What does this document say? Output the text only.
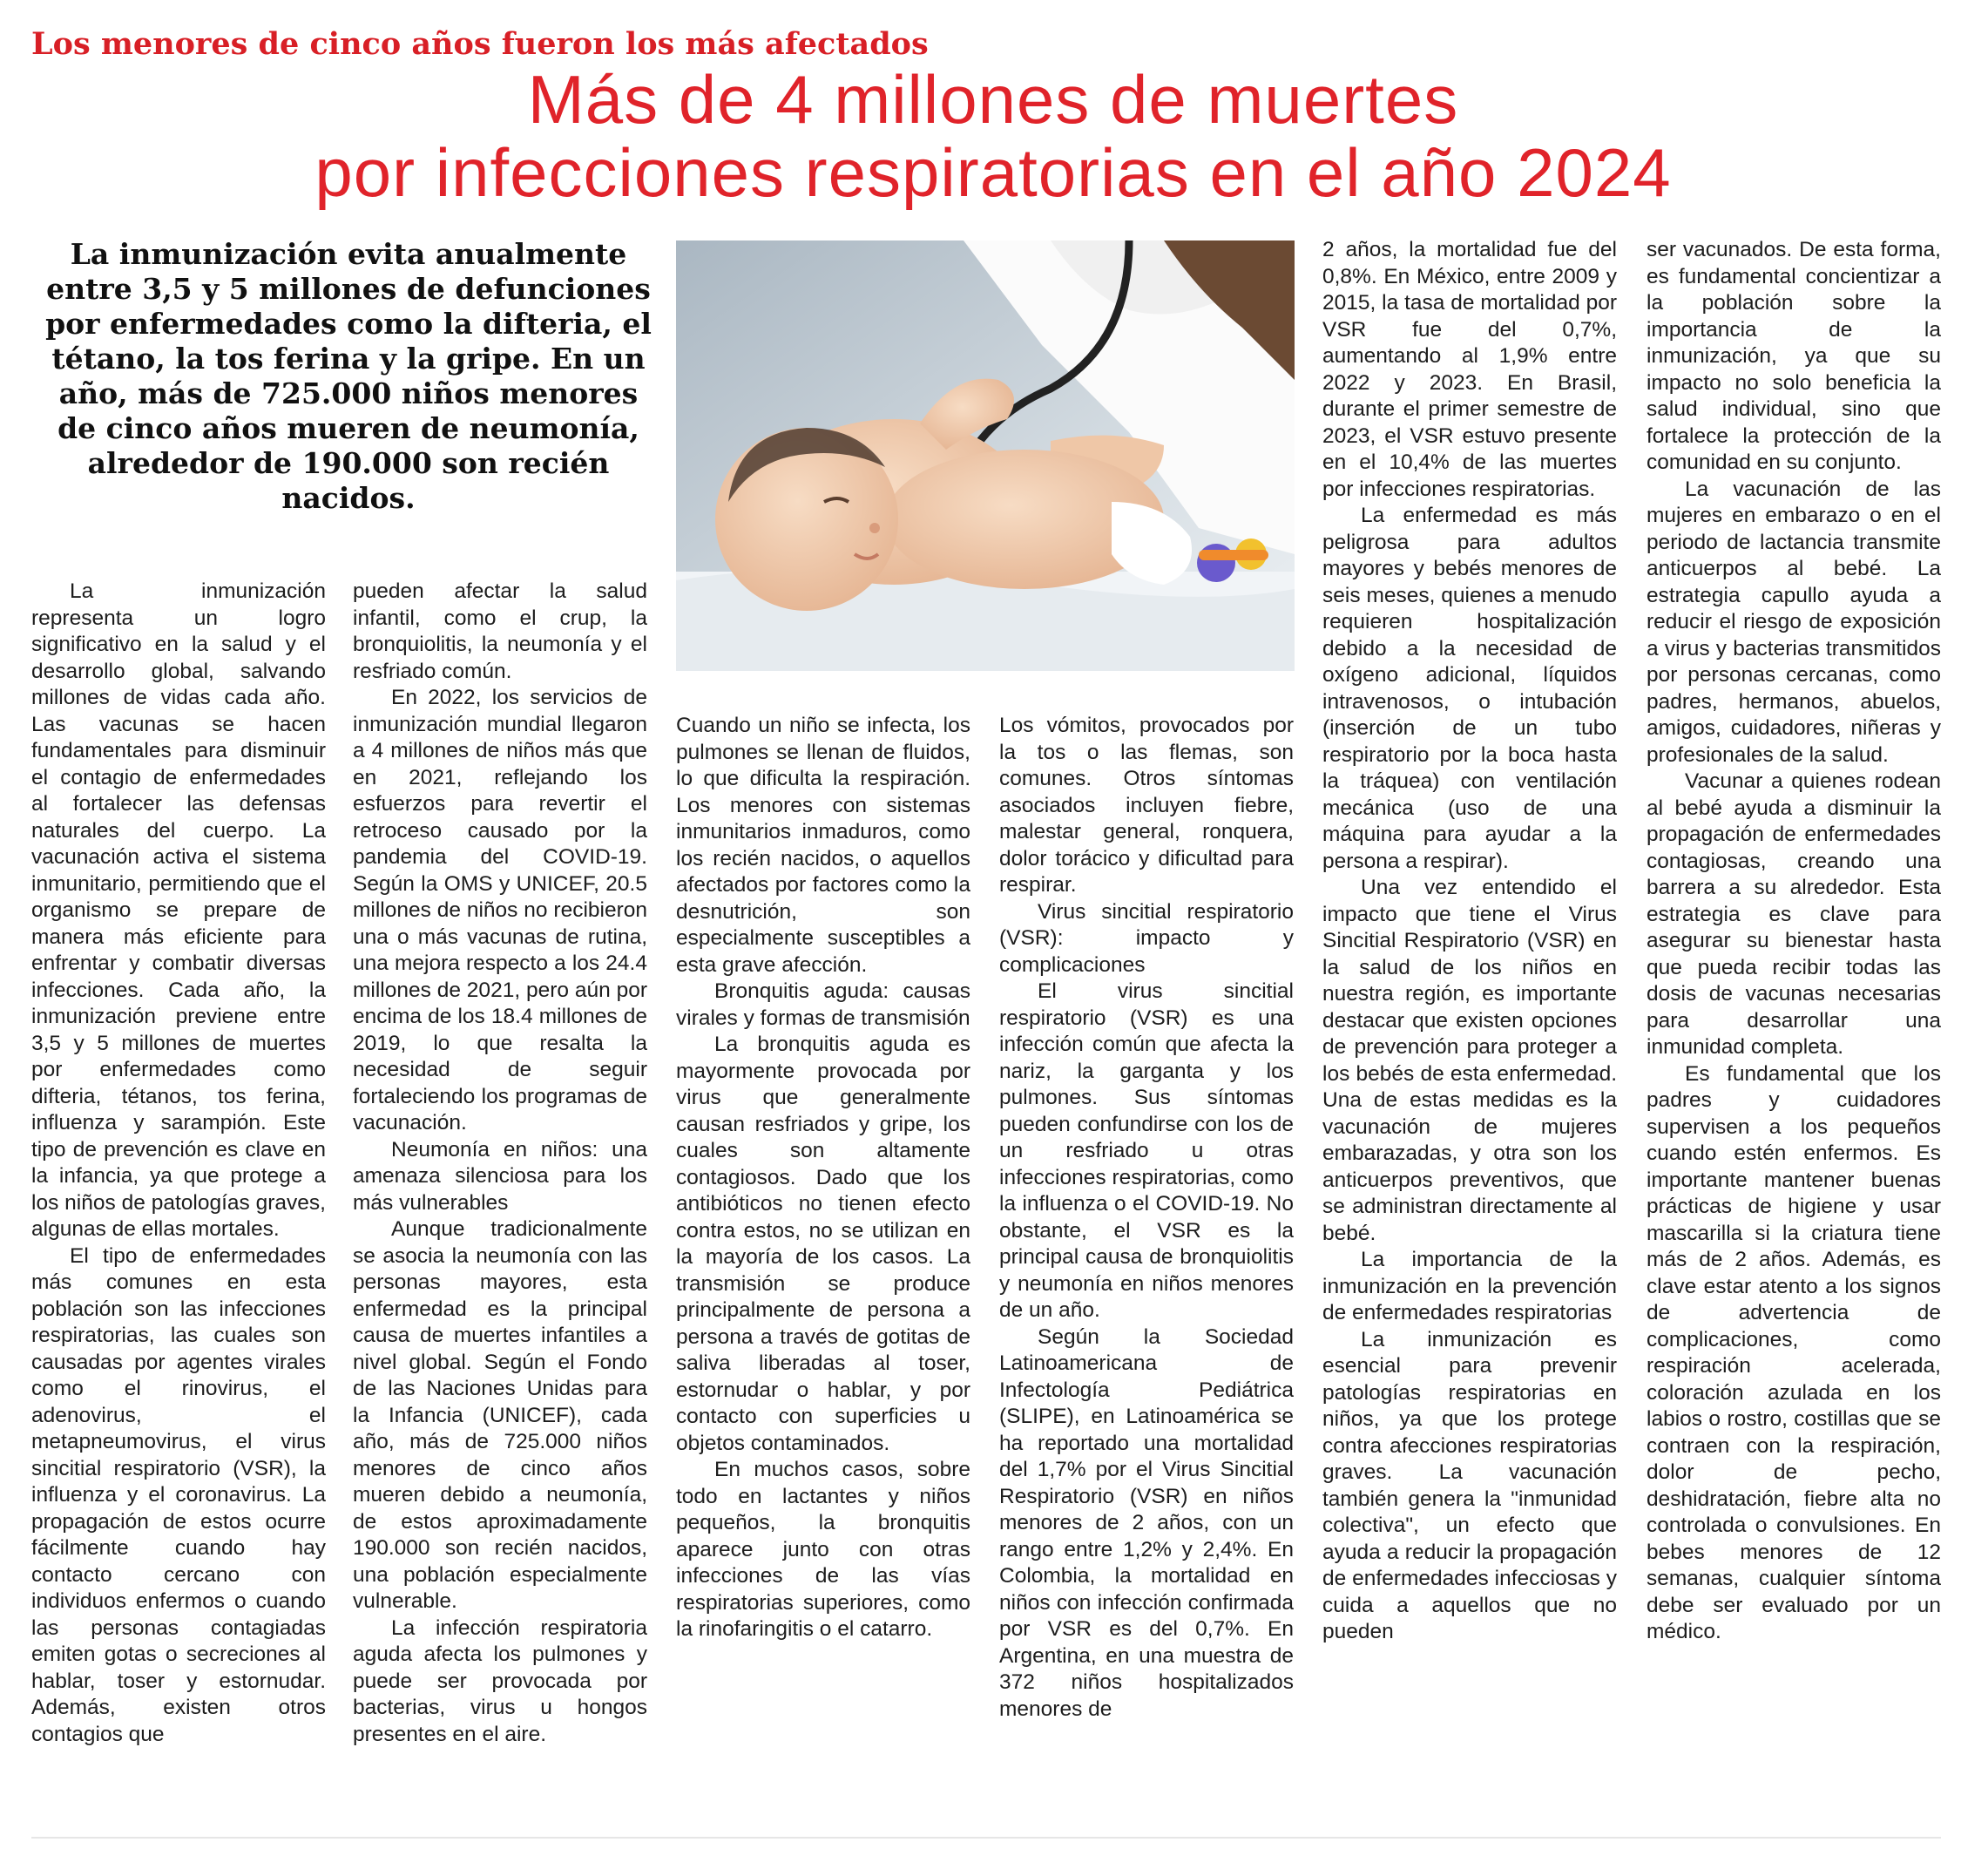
Los menores de cinco años fueron los más afectados
Más de 4 millones de muertes
por infecciones respiratorias en el año 2024
La inmunización evita anualmente entre 3,5 y 5 millones de defunciones por enfermedades como la difteria, el tétano, la tos ferina y la gripe. En un año, más de 725.000 niños menores de cinco años mueren de neumonía, alrededor de 190.000 son recién nacidos.

La inmunización representa un logro significativo en la salud y el desarrollo global, salvando millones de vidas cada año. Las vacunas se hacen fundamentales para disminuir el contagio de enfermedades al fortalecer las defensas naturales del cuerpo. La vacunación activa el sistema inmunitario, permitiendo que el organismo se prepare de manera más eficiente para enfrentar y combatir diversas infecciones. Cada año, la inmunización previene entre 3,5 y 5 millones de muertes por enfermedades como difteria, tétanos, tos ferina, influenza y sarampión. Este tipo de prevención es clave en la infancia, ya que protege a los niños de patologías graves, algunas de ellas mortales.

El tipo de enfermedades más comunes en esta población son las infecciones respiratorias, las cuales son causadas por agentes virales como el rinovirus, el adenovirus, el metapneumovirus, el virus sincitial respiratorio (VSR), la influenza y el coronavirus. La propagación de estos ocurre fácilmente cuando hay contacto cercano con individuos enfermos o cuando las personas contagiadas emiten gotas o secreciones al hablar, toser y estornudar. Además, existen otros contagios que

pueden afectar la salud infantil, como el crup, la bronquiolitis, la neumonía y el resfriado común.

En 2022, los servicios de inmunización mundial llegaron a 4 millones de niños más que en 2021, reflejando los esfuerzos para revertir el retroceso causado por la pandemia del COVID-19. Según la OMS y UNICEF, 20.5 millones de niños no recibieron una o más vacunas de rutina, una mejora respecto a los 24.4 millones de 2021, pero aún por encima de los 18.4 millones de 2019, lo que resalta la necesidad de seguir fortaleciendo los programas de vacunación.

Neumonía en niños: una amenaza silenciosa para los más vulnerables

Aunque tradicionalmente se asocia la neumonía con las personas mayores, esta enfermedad es la principal causa de muertes infantiles a nivel global. Según el Fondo de las Naciones Unidas para la Infancia (UNICEF), cada año, más de 725.000 niños menores de cinco años mueren debido a neumonía, de estos aproximadamente 190.000 son recién nacidos, una población especialmente vulnerable.

La infección respiratoria aguda afecta los pulmones y puede ser provocada por bacterias, virus u hongos presentes en el aire.

Cuando un niño se infecta, los pulmones se llenan de fluidos, lo que dificulta la respiración. Los menores con sistemas inmunitarios inmaduros, como los recién nacidos, o aquellos afectados por factores como la desnutrición, son especialmente susceptibles a esta grave afección.

Bronquitis aguda: causas virales y formas de transmisión

La bronquitis aguda es mayormente provocada por virus que generalmente causan resfriados y gripe, los cuales son altamente contagiosos. Dado que los antibióticos no tienen efecto contra estos, no se utilizan en la mayoría de los casos. La transmisión se produce principalmente de persona a persona a través de gotitas de saliva liberadas al toser, estornudar o hablar, y por contacto con superficies u objetos contaminados.

En muchos casos, sobre todo en lactantes y niños pequeños, la bronquitis aparece junto con otras infecciones de las vías respiratorias superiores, como la rinofaringitis o el catarro.

Los vómitos, provocados por la tos o las flemas, son comunes. Otros síntomas asociados incluyen fiebre, malestar general, ronquera, dolor torácico y dificultad para respirar.

Virus sincitial respiratorio (VSR): impacto y complicaciones

El virus sincitial respiratorio (VSR) es una infección común que afecta la nariz, la garganta y los pulmones. Sus síntomas pueden confundirse con los de un resfriado u otras infecciones respiratorias, como la influenza o el COVID-19. No obstante, el VSR es la principal causa de bronquiolitis y neumonía en niños menores de un año.

Según la Sociedad Latinoamericana de Infectología Pediátrica (SLIPE), en Latinoamérica se ha reportado una mortalidad del 1,7% por el Virus Sincitial Respiratorio (VSR) en niños menores de 2 años, con un rango entre 1,2% y 2,4%. En Colombia, la mortalidad en niños con infección confirmada por VSR es del 0,7%. En Argentina, en una muestra de 372 niños hospitalizados menores de

2 años, la mortalidad fue del 0,8%. En México, entre 2009 y 2015, la tasa de mortalidad por VSR fue del 0,7%, aumentando al 1,9% entre 2022 y 2023. En Brasil, durante el primer semestre de 2023, el VSR estuvo presente en el 10,4% de las muertes por infecciones respiratorias.

La enfermedad es más peligrosa para adultos mayores y bebés menores de seis meses, quienes a menudo requieren hospitalización debido a la necesidad de oxígeno adicional, líquidos intravenosos, o intubación (inserción de un tubo respiratorio por la boca hasta la tráquea) con ventilación mecánica (uso de una máquina para ayudar a la persona a respirar).

Una vez entendido el impacto que tiene el Virus Sincitial Respiratorio (VSR) en la salud de los niños en nuestra región, es importante destacar que existen opciones de prevención para proteger a los bebés de esta enfermedad. Una de estas medidas es la vacunación de mujeres embarazadas, y otra son los anticuerpos preventivos, que se administran directamente al bebé.

La importancia de la inmunización en la prevención de enfermedades respiratorias

La inmunización es esencial para prevenir patologías respiratorias en niños, ya que los protege contra afecciones respiratorias graves. La vacunación también genera la "inmunidad colectiva", un efecto que ayuda a reducir la propagación de enfermedades infecciosas y cuida a aquellos que no pueden

ser vacunados. De esta forma, es fundamental concientizar a la población sobre la importancia de la inmunización, ya que su impacto no solo beneficia la salud individual, sino que fortalece la protección de la comunidad en su conjunto.

La vacunación de las mujeres en embarazo o en el periodo de lactancia transmite anticuerpos al bebé. La estrategia capullo ayuda a reducir el riesgo de exposición a virus y bacterias transmitidos por personas cercanas, como padres, hermanos, abuelos, amigos, cuidadores, niñeras y profesionales de la salud.

Vacunar a quienes rodean al bebé ayuda a disminuir la propagación de enfermedades contagiosas, creando una barrera a su alrededor. Esta estrategia es clave para asegurar su bienestar hasta que pueda recibir todas las dosis de vacunas necesarias para desarrollar una inmunidad completa.

Es fundamental que los padres y cuidadores supervisen a los pequeños cuando estén enfermos. Es importante mantener buenas prácticas de higiene y usar mascarilla si la criatura tiene más de 2 años. Además, es clave estar atento a los signos de advertencia de complicaciones, como respiración acelerada, coloración azulada en los labios o rostro, costillas que se contraen con la respiración, dolor de pecho, deshidratación, fiebre alta no controlada o convulsiones. En bebes menores de 12 semanas, cualquier síntoma debe ser evaluado por un médico.
